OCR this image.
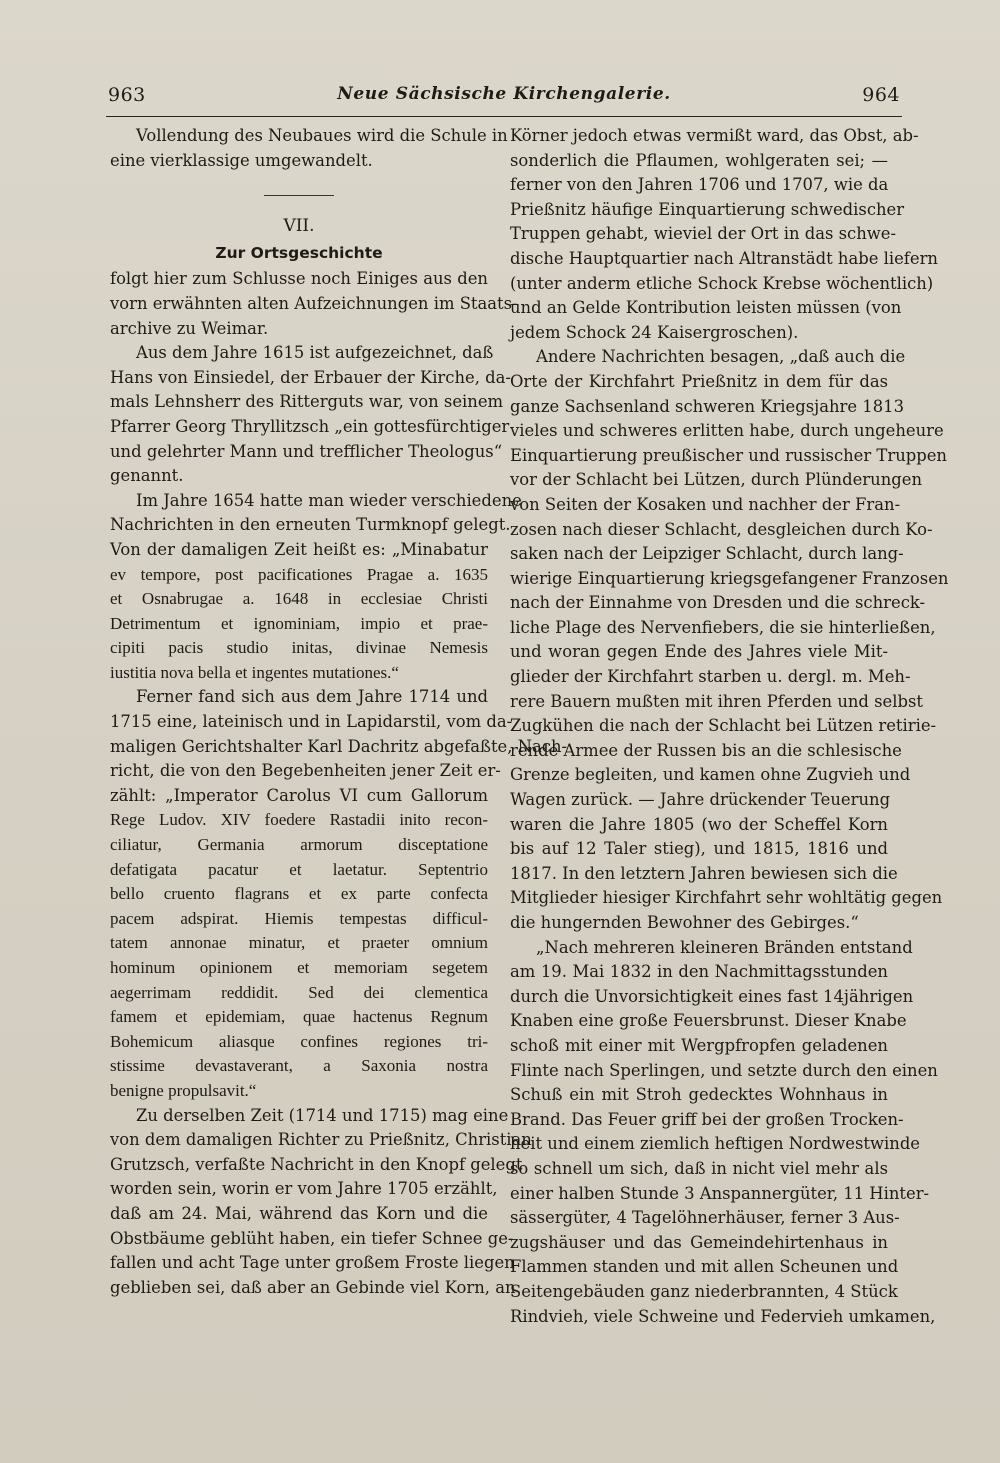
963	Neue Sächsische Kirchengalerie.	964
Vollendung des Neubaues wird die Schule in
eine vierklassige umgewandelt.
VII.
Zur Ortsgeschichte
folgt hier zum Schlusse noch Einiges aus den
vorn erwähnten alten Aufzeichnungen im Staats-
archive zu Weimar.
Aus dem Jahre 1615 ist aufgezeichnet, daß
Hans von Einsiedel, der Erbauer der Kirche, da-
mals Lehnsherr des Ritterguts war, von seinem
Pfarrer Georg Thryllitzsch „ein gottesfürchtiger
und gelehrter Mann und trefflicher Theologus“
genannt.
Im Jahre 1654 hatte man wieder verschiedene
Nachrichten in den erneuten Turmknopf gelegt.
Von der damaligen Zeit heißt es: „Minabatur
ev tempore, post pacificationes Pragae a. 1635
et Osnabrugae a. 1648 in ecclesiae Christi
Detrimentum et ignominiam, impio et prae-
cipiti pacis studio initas, divinae Nemesis
iustitia nova bella et ingentes mutationes.“
Ferner fand sich aus dem Jahre 1714 und
1715 eine, lateinisch und in Lapidarstil, vom da-
maligen Gerichtshalter Karl Dachritz abgefaßte, Nach-
richt, die von den Begebenheiten jener Zeit er-
zählt: „Imperator Carolus VI cum Gallorum
Rege Ludov. XIV foedere Rastadii inito recon-
ciliatur, Germania armorum disceptatione
defatigata pacatur et laetatur. Septentrio
bello cruento flagrans et ex parte confecta
pacem adspirat. Hiemis tempestas difficul-
tatem annonae minatur, et praeter omnium
hominum opinionem et memoriam segetem
aegerrimam reddidit. Sed dei clementica
famem et epidemiam, quae hactenus Regnum
Bohemicum aliasque confines regiones tri-
stissime devastaverant, a Saxonia nostra
benigne propulsavit.“
Zu derselben Zeit (1714 und 1715) mag eine
von dem damaligen Richter zu Prießnitz, Christian
Grutzsch, verfaßte Nachricht in den Knopf gelegt
worden sein, worin er vom Jahre 1705 erzählt,
daß am 24. Mai, während das Korn und die
Obstbäume geblüht haben, ein tiefer Schnee ge-
fallen und acht Tage unter großem Froste liegen
geblieben sei, daß aber an Gebinde viel Korn, an
Körner jedoch etwas vermißt ward, das Obst, ab-
sonderlich die Pflaumen, wohlgeraten sei; —
ferner von den Jahren 1706 und 1707, wie da
Prießnitz häufige Einquartierung schwedischer
Truppen gehabt, wieviel der Ort in das schwe-
dische Hauptquartier nach Altranstädt habe liefern
(unter anderm etliche Schock Krebse wöchentlich)
und an Gelde Kontribution leisten müssen (von
jedem Schock 24 Kaisergroschen).
Andere Nachrichten besagen, „daß auch die
Orte der Kirchfahrt Prießnitz in dem für das
ganze Sachsenland schweren Kriegsjahre 1813
vieles und schweres erlitten habe, durch ungeheure
Einquartierung preußischer und russischer Truppen
vor der Schlacht bei Lützen, durch Plünderungen
von Seiten der Kosaken und nachher der Fran-
zosen nach dieser Schlacht, desgleichen durch Ko-
saken nach der Leipziger Schlacht, durch lang-
wierige Einquartierung kriegsgefangener Franzosen
nach der Einnahme von Dresden und die schreck-
liche Plage des Nervenfiebers, die sie hinterließen,
und woran gegen Ende des Jahres viele Mit-
glieder der Kirchfahrt starben u. dergl. m. Meh-
rere Bauern mußten mit ihren Pferden und selbst
Zugkühen die nach der Schlacht bei Lützen retirie-
rende Armee der Russen bis an die schlesische
Grenze begleiten, und kamen ohne Zugvieh und
Wagen zurück. — Jahre drückender Teuerung
waren die Jahre 1805 (wo der Scheffel Korn
bis auf 12 Taler stieg), und 1815, 1816 und
1817. In den letztern Jahren bewiesen sich die
Mitglieder hiesiger Kirchfahrt sehr wohltätig gegen
die hungernden Bewohner des Gebirges.“
„Nach mehreren kleineren Bränden entstand
am 19. Mai 1832 in den Nachmittagsstunden
durch die Unvorsichtigkeit eines fast 14jährigen
Knaben eine große Feuersbrunst. Dieser Knabe
schoß mit einer mit Wergpfropfen geladenen
Flinte nach Sperlingen, und setzte durch den einen
Schuß ein mit Stroh gedecktes Wohnhaus in
Brand. Das Feuer griff bei der großen Trocken-
heit und einem ziemlich heftigen Nordwestwinde
so schnell um sich, daß in nicht viel mehr als
einer halben Stunde 3 Anspannergüter, 11 Hinter-
sässergüter, 4 Tagelöhnerhäuser, ferner 3 Aus-
zugshäuser und das Gemeindehirtenhaus in
Flammen standen und mit allen Scheunen und
Seitengebäuden ganz niederbrannten, 4 Stück
Rindvieh, viele Schweine und Federvieh umkamen,
